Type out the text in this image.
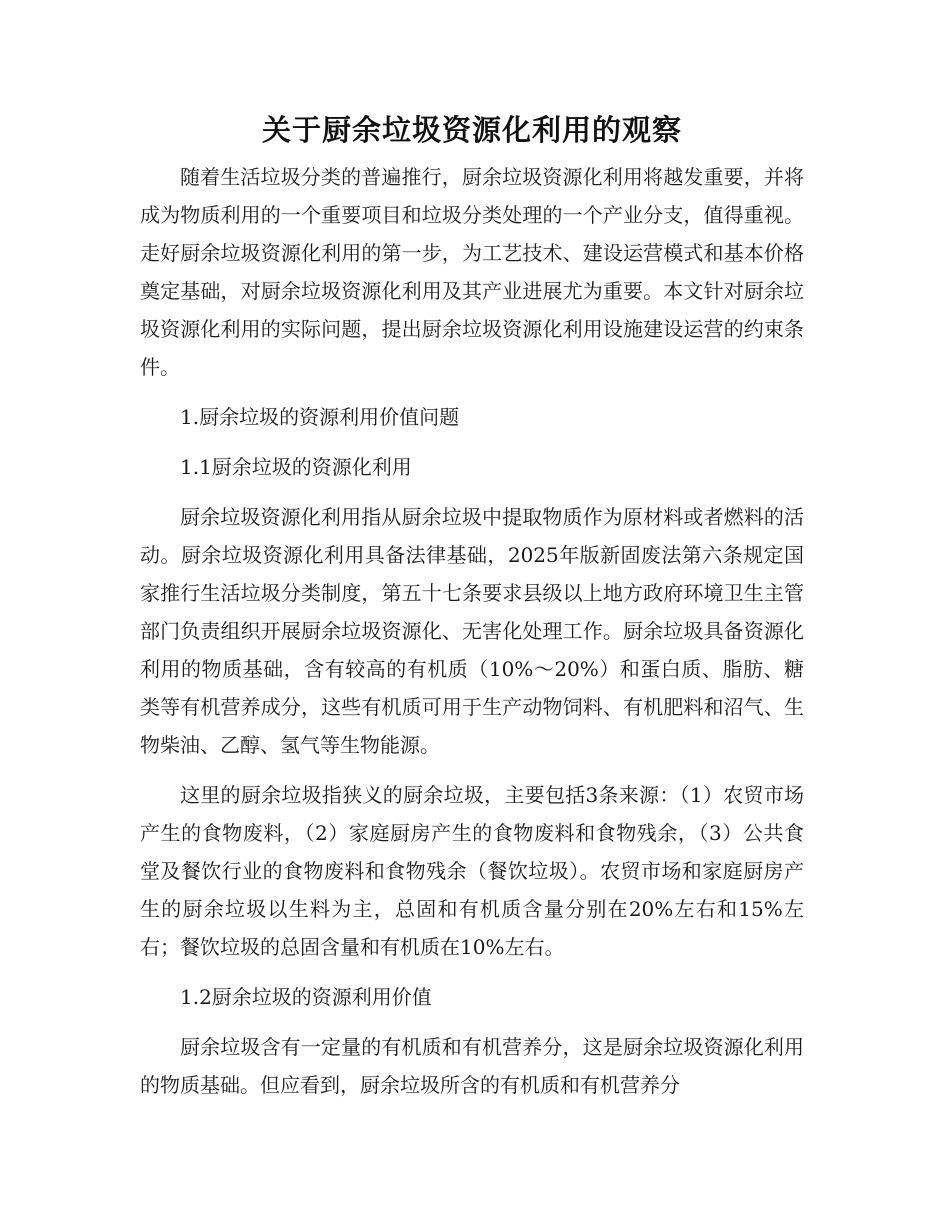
关于厨余垃圾资源化利用的观察

随着生活垃圾分类的普遍推行，厨余垃圾资源化利用将越发重要，并将成为物质利用的一个重要项目和垃圾分类处理的一个产业分支，值得重视。走好厨余垃圾资源化利用的第一步，为工艺技术、建设运营模式和基本价格奠定基础，对厨余垃圾资源化利用及其产业进展尤为重要。本文针对厨余垃圾资源化利用的实际问题，提出厨余垃圾资源化利用设施建设运营的约束条件。

1.厨余垃圾的资源利用价值问题

1.1厨余垃圾的资源化利用

厨余垃圾资源化利用指从厨余垃圾中提取物质作为原材料或者燃料的活动。厨余垃圾资源化利用具备法律基础，2025年版新固废法第六条规定国家推行生活垃圾分类制度，第五十七条要求县级以上地方政府环境卫生主管部门负责组织开展厨余垃圾资源化、无害化处理工作。厨余垃圾具备资源化利用的物质基础，含有较高的有机质（10%～20%）和蛋白质、脂肪、糖类等有机营养成分，这些有机质可用于生产动物饲料、有机肥料和沼气、生物柴油、乙醇、氢气等生物能源。

这里的厨余垃圾指狭义的厨余垃圾，主要包括3条来源：（1）农贸市场产生的食物废料，（2）家庭厨房产生的食物废料和食物残余，（3）公共食堂及餐饮行业的食物废料和食物残余（餐饮垃圾）。农贸市场和家庭厨房产生的厨余垃圾以生料为主，总固和有机质含量分别在20%左右和15%左右；餐饮垃圾的总固含量和有机质在10%左右。

1.2厨余垃圾的资源利用价值

厨余垃圾含有一定量的有机质和有机营养分，这是厨余垃圾资源化利用的物质基础。但应看到，厨余垃圾所含的有机质和有机营养分
